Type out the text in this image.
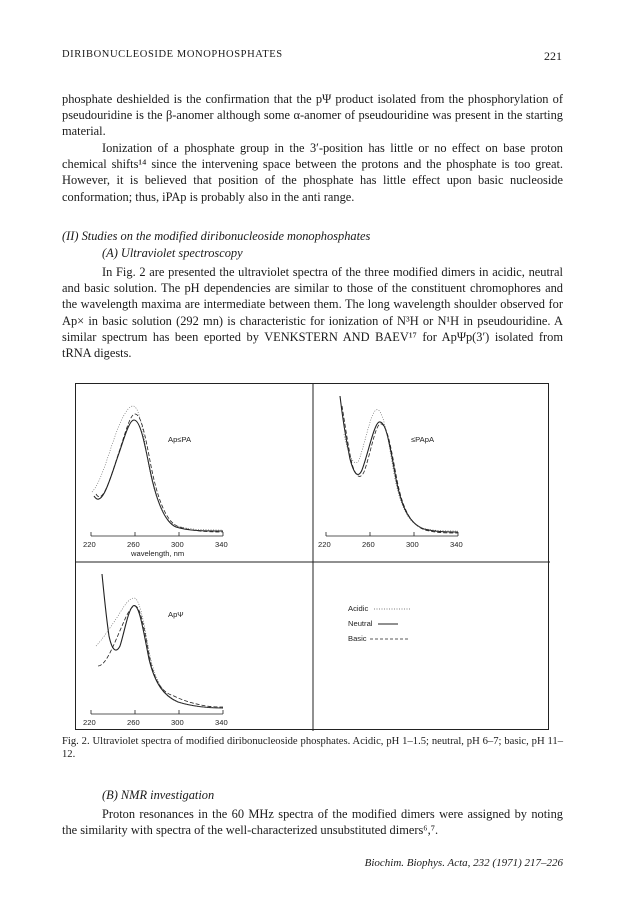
DIRIBONUCLEOSIDE MONOPHOSPHATES	221

phosphate deshielded is the confirmation that the pΨ product isolated from the phosphorylation of pseudouridine is the β-anomer although some α-anomer of pseudouridine was present in the starting material.

Ionization of a phosphate group in the 3′-position has little or no effect on base proton chemical shifts¹⁴ since the intervening space between the protons and the phosphate is too great. However, it is believed that position of the phosphate has little effect upon basic nucleoside conformation; thus, iPAp is probably also in the anti range.

(II) Studies on the modified diribonucleoside monophosphates

(A) Ultraviolet spectroscopy

In Fig. 2 are presented the ultraviolet spectra of the three modified dimers in acidic, neutral and basic solution. The pH dependencies are similar to those of the constituent chromophores and the wavelength maxima are intermediate between them. The long wavelength shoulder observed for Ap× in basic solution (292 mn) is characteristic for ionization of N³H or N¹H in pseudouridine. A similar spectrum has been eported by VENKSTERN AND BAEV¹⁷ for ApΨp(3′) isolated from tRNA digests.

Ap≤PA
220	260	300	340
wavelength, nm
≤PApA
220	260	300	340
ApΨ
220	260	300	340
Acidic
Neutral
Basic

Fig. 2. Ultraviolet spectra of modified diribonucleoside phosphates. Acidic, pH 1–1.5; neutral, pH 6–7; basic, pH 11–12.

(B) NMR investigation

Proton resonances in the 60 MHz spectra of the modified dimers were assigned by noting the similarity with spectra of the well-characterized unsubstituted dimers⁶,⁷.

Biochim. Biophys. Acta, 232 (1971) 217–226
